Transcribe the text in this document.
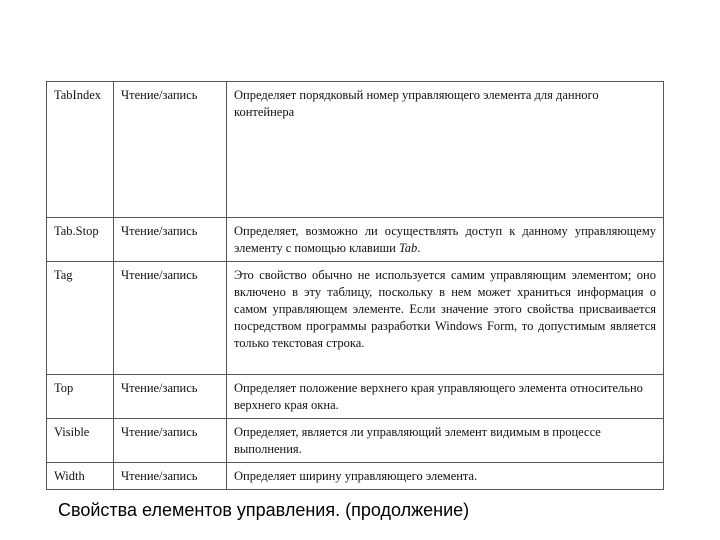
TabIndex	Чтение/запись	Определяет порядковый номер управляющего элемента для данного контейнера
Tab.Stop	Чтение/запись	Определяет, возможно ли осуществлять доступ к данному управляющему элементу с помощью клавиши Tab.
Tag	Чтение/запись	Это свойство обычно не используется самим управляющим элементом; оно включено в эту таблицу, поскольку в нем может храниться информация о самом управляющем элементе. Если значение этого свойства присваивается посредством программы разработки Windows Form, то допустимым является только текстовая строка.
Top	Чтение/запись	Определяет положение верхнего края управляющего элемента относительно верхнего края окна.
Visible	Чтение/запись	Определяет, является ли управляющий элемент видимым в процессе выполнения.
Width	Чтение/запись	Определяет ширину управляющего элемента.
Свойства елементов управления. (продолжение)
